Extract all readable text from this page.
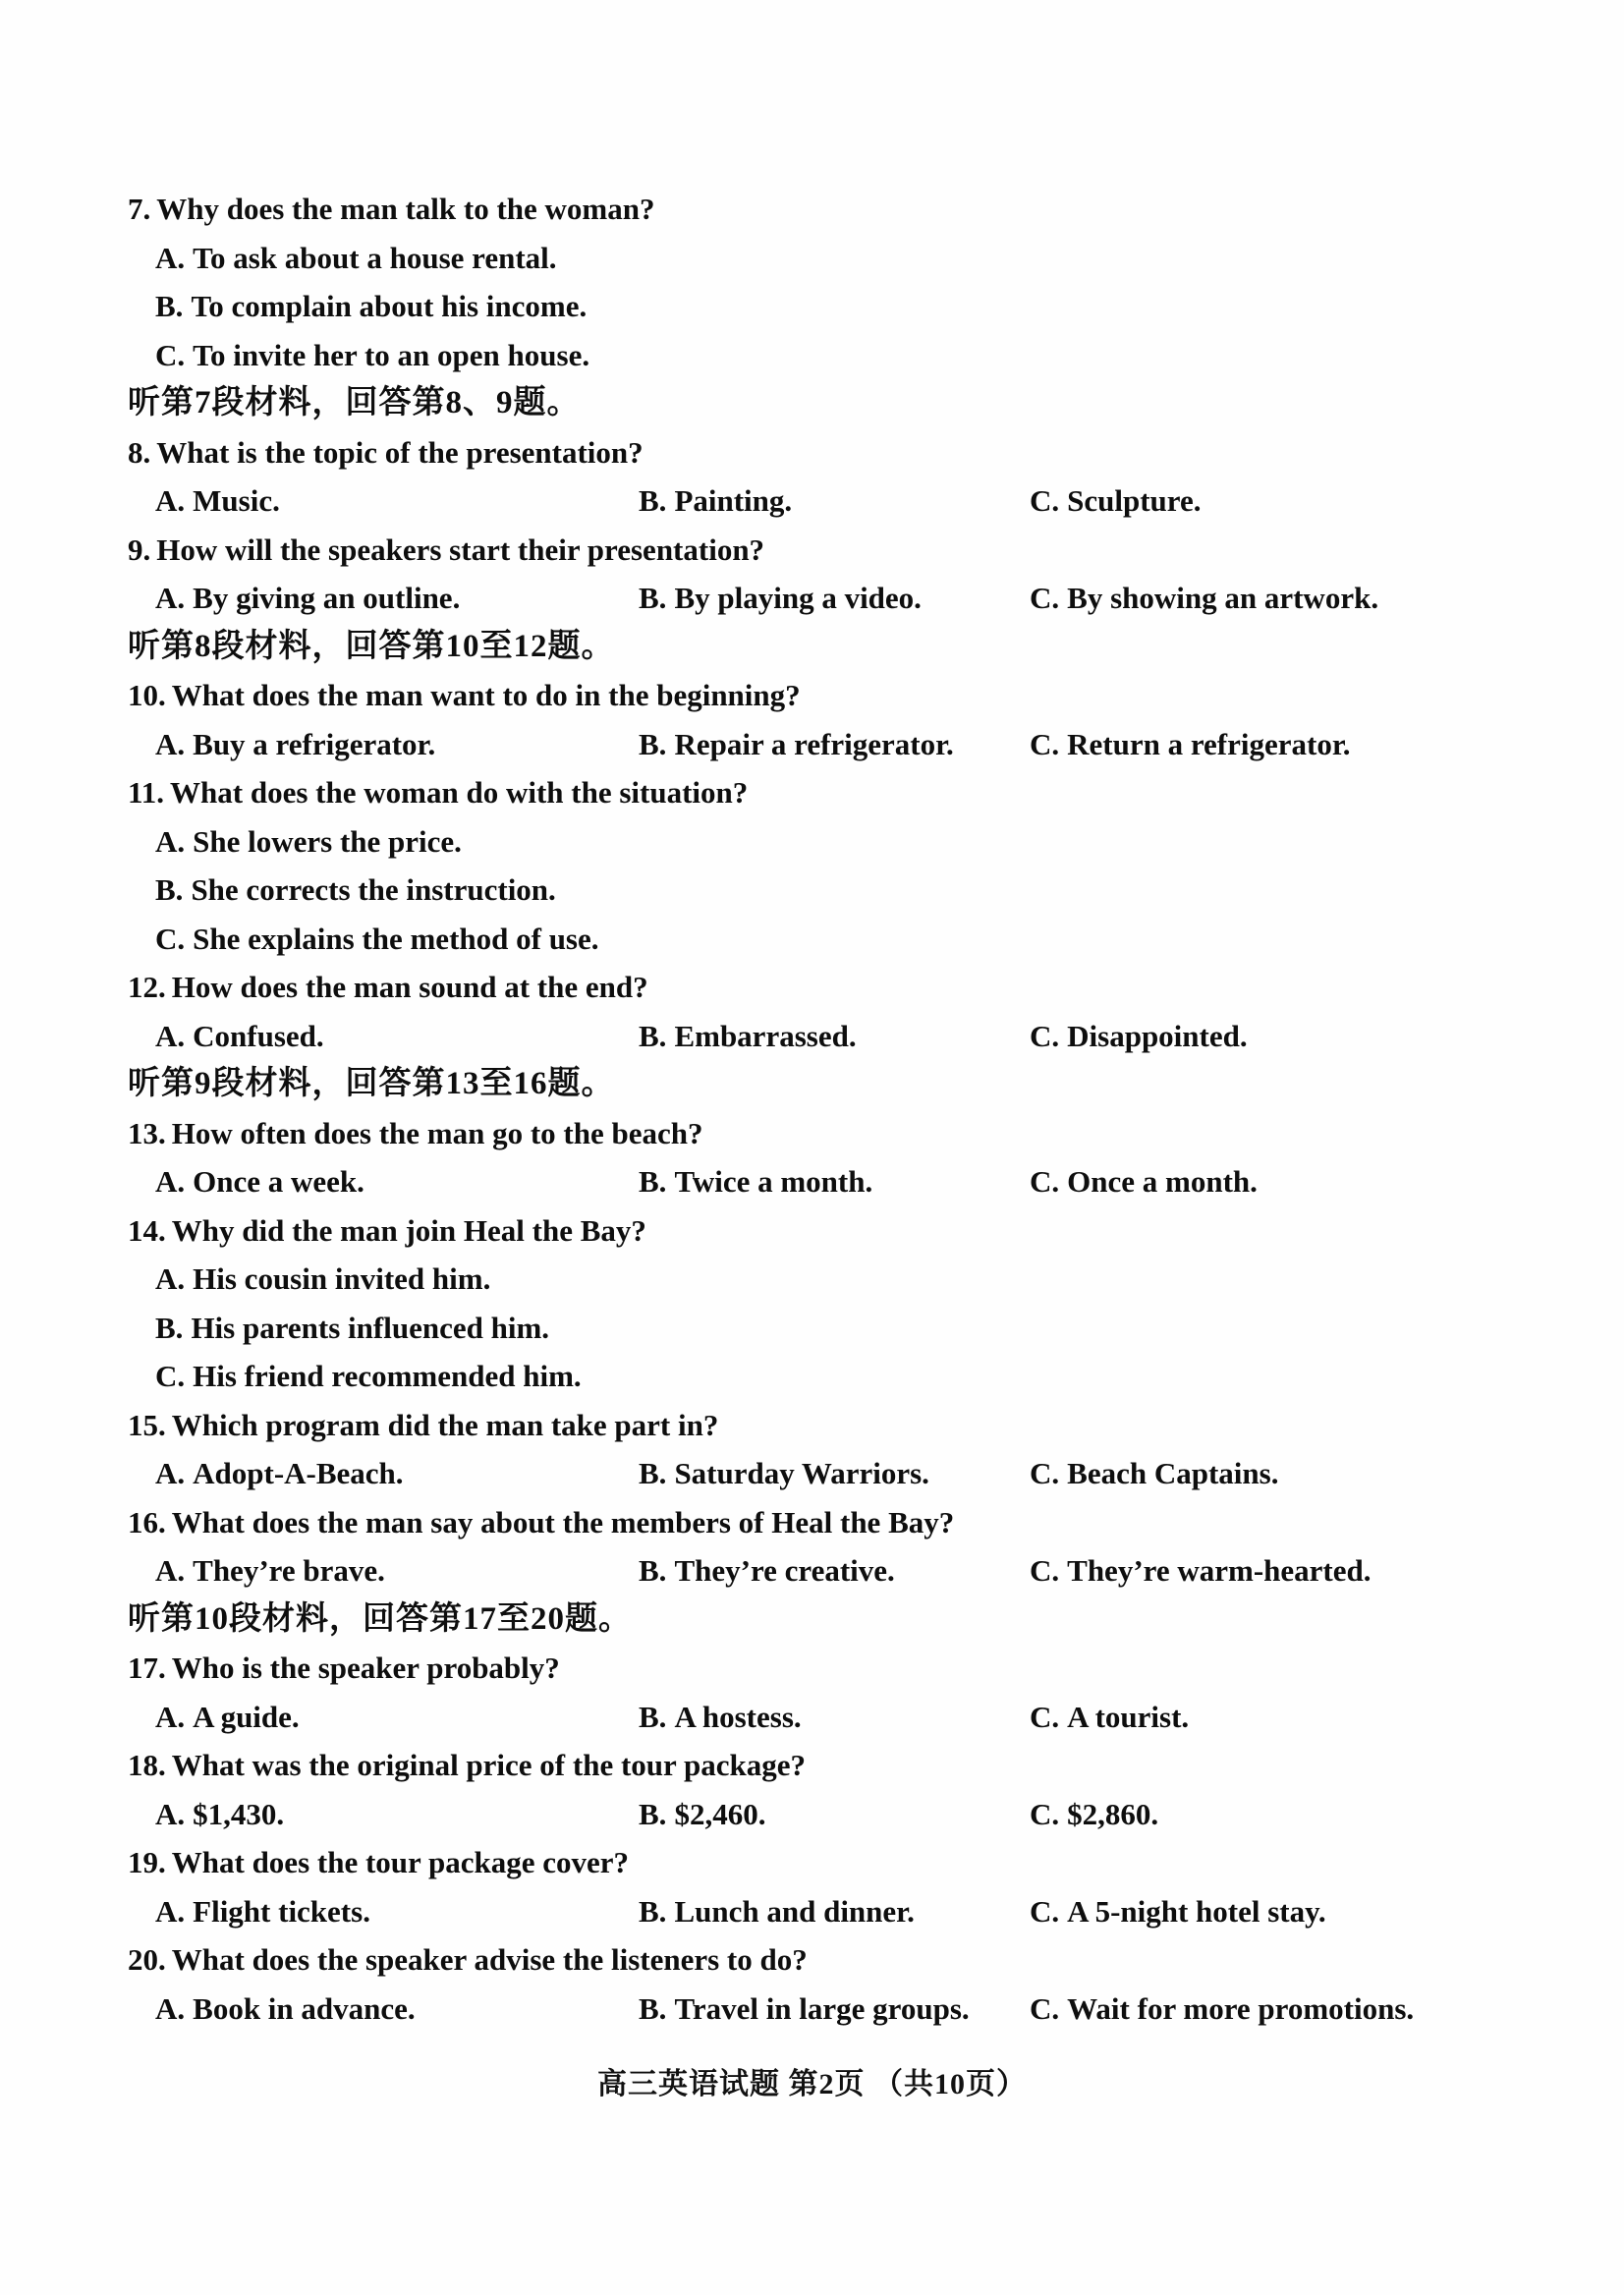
7. Why does the man talk to the woman?
A. To ask about a house rental.
B. To complain about his income.
C. To invite her to an open house.
听第7段材料，回答第8、9题。
8. What is the topic of the presentation?
A. Music.	B. Painting.	C. Sculpture.
9. How will the speakers start their presentation?
A. By giving an outline.	B. By playing a video.	C. By showing an artwork.
听第8段材料，回答第10至12题。
10. What does the man want to do in the beginning?
A. Buy a refrigerator.	B. Repair a refrigerator. C. Return a refrigerator.
11. What does the woman do with the situation?
A. She lowers the price.
B. She corrects the instruction.
C. She explains the method of use.
12. How does the man sound at the end?
A. Confused.	B. Embarrassed.	C. Disappointed.
听第9段材料，回答第13至16题。
13. How often does the man go to the beach?
A. Once a week.	B. Twice a month.	C. Once a month.
14. Why did the man join Heal the Bay?
A. His cousin invited him.
B. His parents influenced him.
C. His friend recommended him.
15. Which program did the man take part in?
A. Adopt-A-Beach.	B. Saturday Warriors.	C. Beach Captains.
16. What does the man say about the members of Heal the Bay?
A. They’re brave.	B. They’re creative.	C. They’re warm-hearted.
听第10段材料，回答第17至20题。
17. Who is the speaker probably?
A. A guide.	B. A hostess.	C. A tourist.
18. What was the original price of the tour package?
A. $1,430.	B. $2,460.	C. $2,860.
19. What does the tour package cover?
A. Flight tickets.	B. Lunch and dinner.	C. A 5-night hotel stay.
20. What does the speaker advise the listeners to do?
A. Book in advance.	B. Travel in large groups. C. Wait for more promotions.
高三英语试题 第2页 （共10页）
